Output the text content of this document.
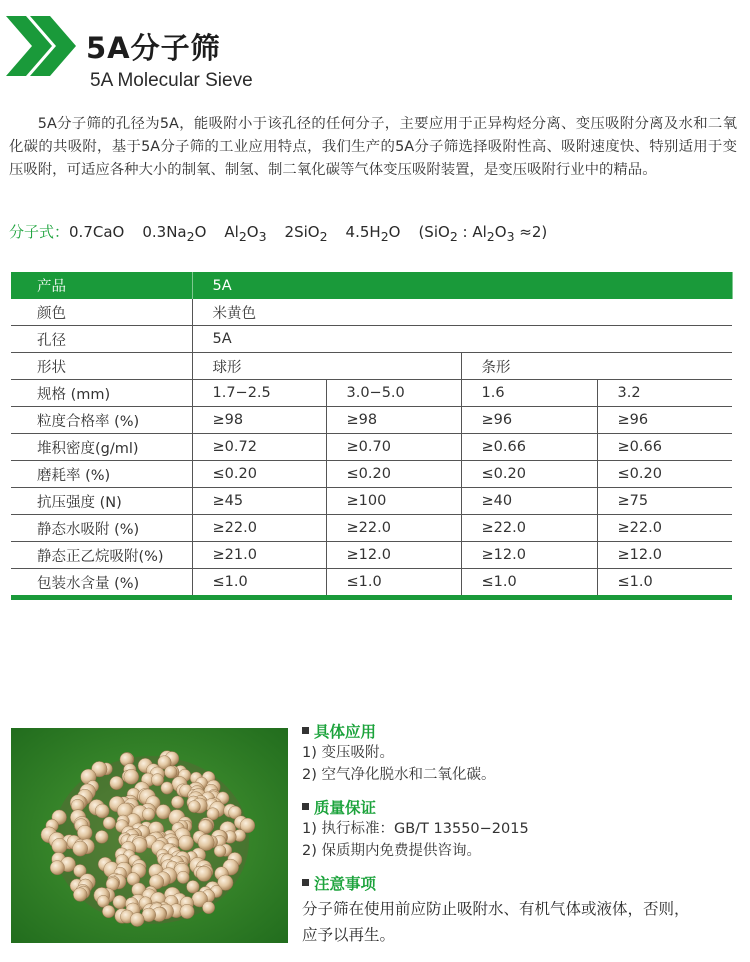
5A分子筛
5A Molecular Sieve
5A分子筛的孔径为5A，能吸附小于该孔径的任何分子，主要应用于正异构烃分离、变压吸附分离及水和二氧化碳的共吸附，基于5A分子筛的工业应用特点，我们生产的5A分子筛选择吸附性高、吸附速度快、特别适用于变压吸附，可适应各种大小的制氧、制氢、制二氧化碳等气体变压吸附装置，是变压吸附行业中的精品。
分子式：0.7CaO $0.3Na_2O$ $Al_2O_3$ 2SiO$_2$ $4.5H_2O$ (SiO$_2$ : $Al_2O_3 \approx 2$)
产品	5A			
颜色	米黄色			
孔径	5A			
形状	球形		条形	
规格 (mm)	1.7−2.5	3.0−5.0	1.6	3.2
粒度合格率 (%)	≥98	≥98	≥96	≥96
堆积密度(g/ml)	≥0.72	≥0.70	≥0.66	≥0.66
磨耗率 (%)	≤0.20	≤0.20	≤0.20	≤0.20
抗压强度 (N)	≥45	≥100	≥40	≥75
静态水吸附 (%)	≥22.0	≥22.0	≥22.0	≥22.0
静态正乙烷吸附(%)	≥21.0	≥12.0	≥12.0	≥12.0
包装水含量 (%)	≤1.0	≤1.0	≤1.0	≤1.0
具体应用
1) 变压吸附。
2) 空气净化脱水和二氧化碳。
质量保证
1) 执行标准：GB/T 13550−2015
2) 保质期内免费提供咨询。
注意事项
分子筛在使用前应防止吸附水、有机气体或液体，否则，应予以再生。
